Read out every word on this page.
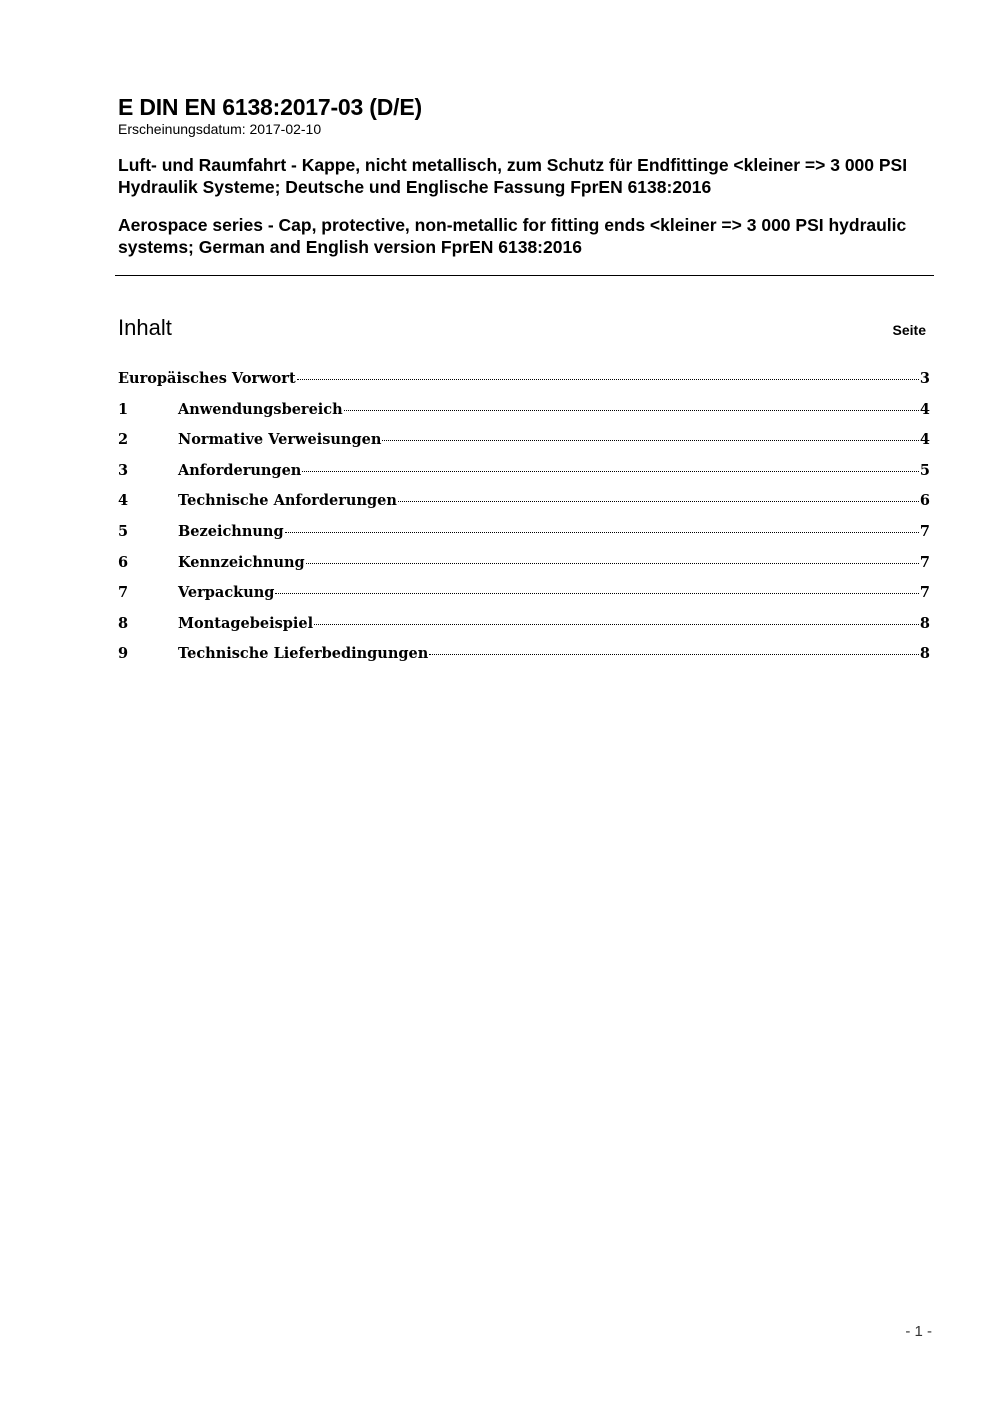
E DIN EN 6138:2017-03 (D/E)

Erscheinungsdatum: 2017-02-10

Luft- und Raumfahrt - Kappe, nicht metallisch, zum Schutz für Endfittinge <kleiner => 3 000 PSI Hydraulik Systeme; Deutsche und Englische Fassung FprEN 6138:2016

Aerospace series - Cap, protective, non-metallic for fitting ends <kleiner => 3 000 PSI hydraulic systems; German and English version FprEN 6138:2016

Inhalt	Seite
Europäisches Vorwort	3
1	Anwendungsbereich	4
2	Normative Verweisungen	4
3	Anforderungen	5
4	Technische Anforderungen	6
5	Bezeichnung	7
6	Kennzeichnung	7
7	Verpackung	7
8	Montagebeispiel	8
9	Technische Lieferbedingungen	8
- 1 -
